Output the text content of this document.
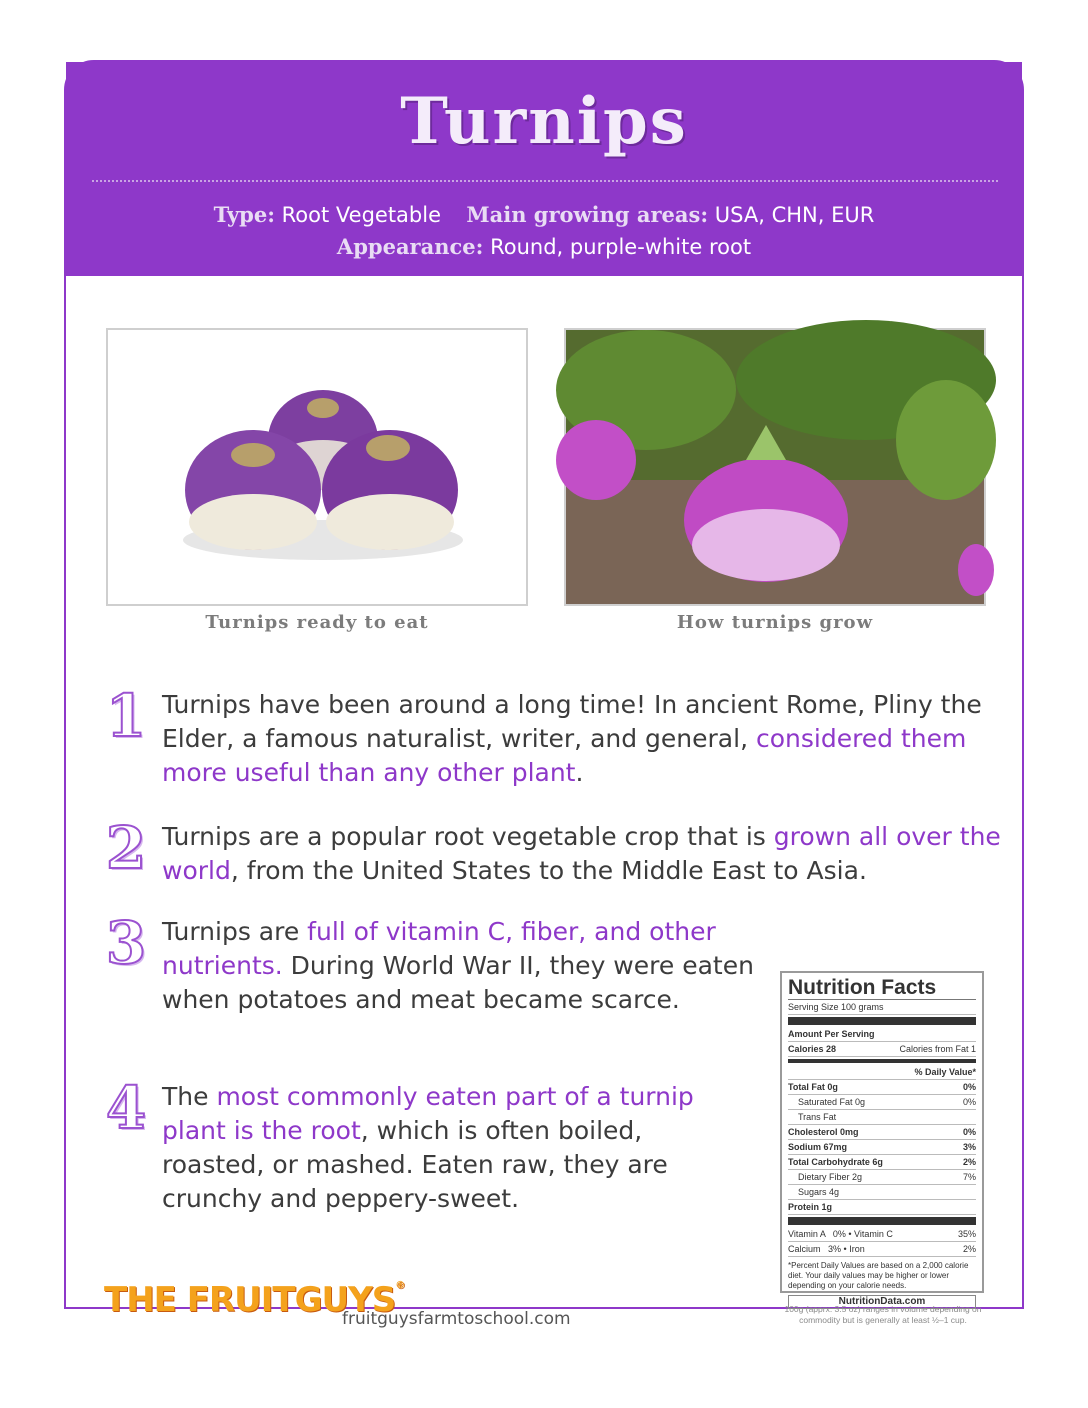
Turnips
Type: Root Vegetable Main growing areas: USA, CHN, EUR
Appearance: Round, purple-white root
Turnips ready to eat	How turnips grow
1 Turnips have been around a long time! In ancient Rome, Pliny the Elder, a famous naturalist, writer, and general, considered them more useful than any other plant.
2 Turnips are a popular root vegetable crop that is grown all over the world, from the United States to the Middle East to Asia.
3 Turnips are full of vitamin C, fiber, and other nutrients. During World War II, they were eaten when potatoes and meat became scarce.
4 The most commonly eaten part of a turnip plant is the root, which is often boiled, roasted, or mashed. Eaten raw, they are crunchy and peppery-sweet.
Nutrition Facts
Serving Size 100 grams
Amount Per Serving
Calories 28	Calories from Fat 1
% Daily Value*
Total Fat 0g	0%
Saturated Fat 0g	0%
Trans Fat
Cholesterol 0mg	0%
Sodium 67mg	3%
Total Carbohydrate 6g	2%
Dietary Fiber 2g	7%
Sugars 4g
Protein 1g
Vitamin A 0% • Vitamin C	35%
Calcium 3% • Iron	2%
*Percent Daily Values are based on a 2,000 calorie diet. Your daily values may be higher or lower depending on your calorie needs.
NutritionData.com
100g (apprx. 3.5 oz) ranges in volume depending on commodity but is generally at least ½–1 cup.
THE FRUITGUYS®
fruitguysfarmtoschool.com
